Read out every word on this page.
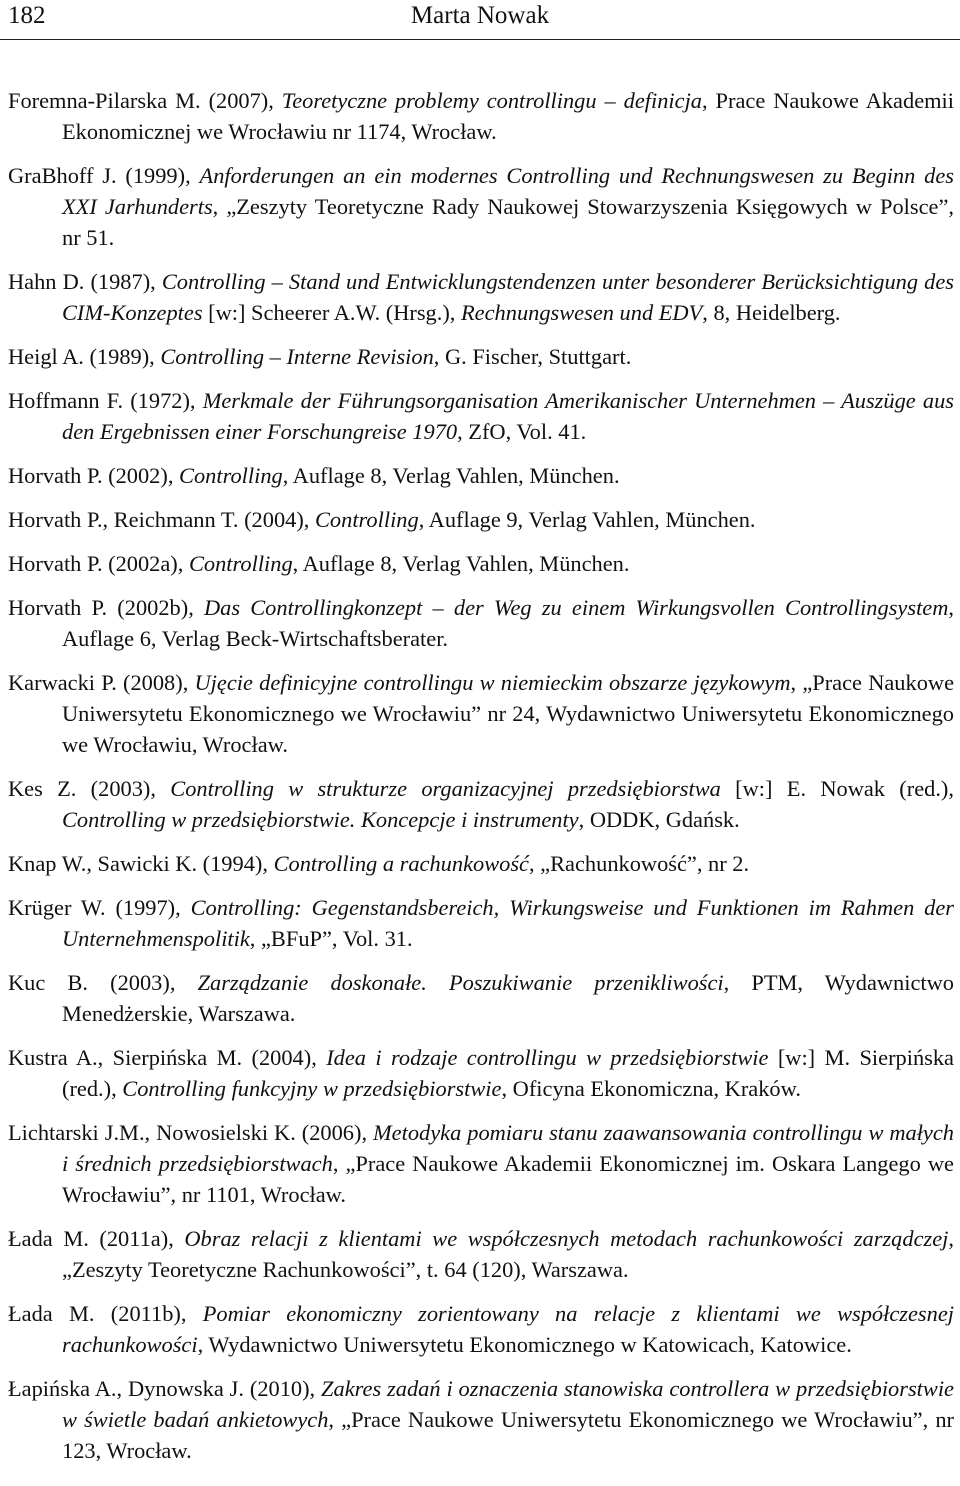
Marta Nowak
182

Foremna-Pilarska M. (2007), Teoretyczne problemy controllingu – definicja, Prace Naukowe Akademii Ekonomicznej we Wrocławiu nr 1174, Wrocław.

GraBhoff J. (1999), Anforderungen an ein modernes Controlling und Rechnungswesen zu Beginn des XXI Jarhunderts, „Zeszyty Teoretyczne Rady Naukowej Stowarzyszenia Księgowych w Polsce”, nr 51.

Hahn D. (1987), Controlling – Stand und Entwicklungstendenzen unter besonderer Berücksichtigung des CIM-Konzeptes [w:] Scheerer A.W. (Hrsg.), Rechnungswesen und EDV, 8, Heidelberg.

Heigl A. (1989), Controlling – Interne Revision, G. Fischer, Stuttgart.

Hoffmann F. (1972), Merkmale der Führungsorganisation Amerikanischer Unternehmen – Auszüge aus den Ergebnissen einer Forschungreise 1970, ZfO, Vol. 41.

Horvath P. (2002), Controlling, Auflage 8, Verlag Vahlen, München.

Horvath P., Reichmann T. (2004), Controlling, Auflage 9, Verlag Vahlen, München.

Horvath P. (2002a), Controlling, Auflage 8, Verlag Vahlen, München.

Horvath P. (2002b), Das Controllingkonzept – der Weg zu einem Wirkungsvollen Controllingsystem, Auflage 6, Verlag Beck-Wirtschaftsberater.

Karwacki P. (2008), Ujęcie definicyjne controllingu w niemieckim obszarze językowym, „Prace Naukowe Uniwersytetu Ekonomicznego we Wrocławiu” nr 24, Wydawnictwo Uniwersytetu Ekonomicznego we Wrocławiu, Wrocław.

Kes Z. (2003), Controlling w strukturze organizacyjnej przedsiębiorstwa [w:] E. Nowak (red.), Controlling w przedsiębiorstwie. Koncepcje i instrumenty, ODDK, Gdańsk.

Knap W., Sawicki K. (1994), Controlling a rachunkowość, „Rachunkowość”, nr 2.

Krüger W. (1997), Controlling: Gegenstandsbereich, Wirkungsweise und Funktionen im Rahmen der Unternehmenspolitik, „BFuP”, Vol. 31.

Kuc B. (2003), Zarządzanie doskonałe. Poszukiwanie przenikliwości, PTM, Wydawnictwo Menedżerskie, Warszawa.

Kustra A., Sierpińska M. (2004), Idea i rodzaje controllingu w przedsiębiorstwie [w:] M. Sierpińska (red.), Controlling funkcyjny w przedsiębiorstwie, Oficyna Ekonomiczna, Kraków.

Lichtarski J.M., Nowosielski K. (2006), Metodyka pomiaru stanu zaawansowania controllingu w małych i średnich przedsiębiorstwach, „Prace Naukowe Akademii Ekonomicznej im. Oskara Langego we Wrocławiu”, nr 1101, Wrocław.

Łada M. (2011a), Obraz relacji z klientami we współczesnych metodach rachunkowości zarządczej, „Zeszyty Teoretyczne Rachunkowości”, t. 64 (120), Warszawa.

Łada M. (2011b), Pomiar ekonomiczny zorientowany na relacje z klientami we współczesnej rachunkowości, Wydawnictwo Uniwersytetu Ekonomicznego w Katowicach, Katowice.

Łapińska A., Dynowska J. (2010), Zakres zadań i oznaczenia stanowiska controllera w przedsiębiorstwie w świetle badań ankietowych, „Prace Naukowe Uniwersytetu Ekonomicznego we Wrocławiu”, nr 123, Wrocław.
